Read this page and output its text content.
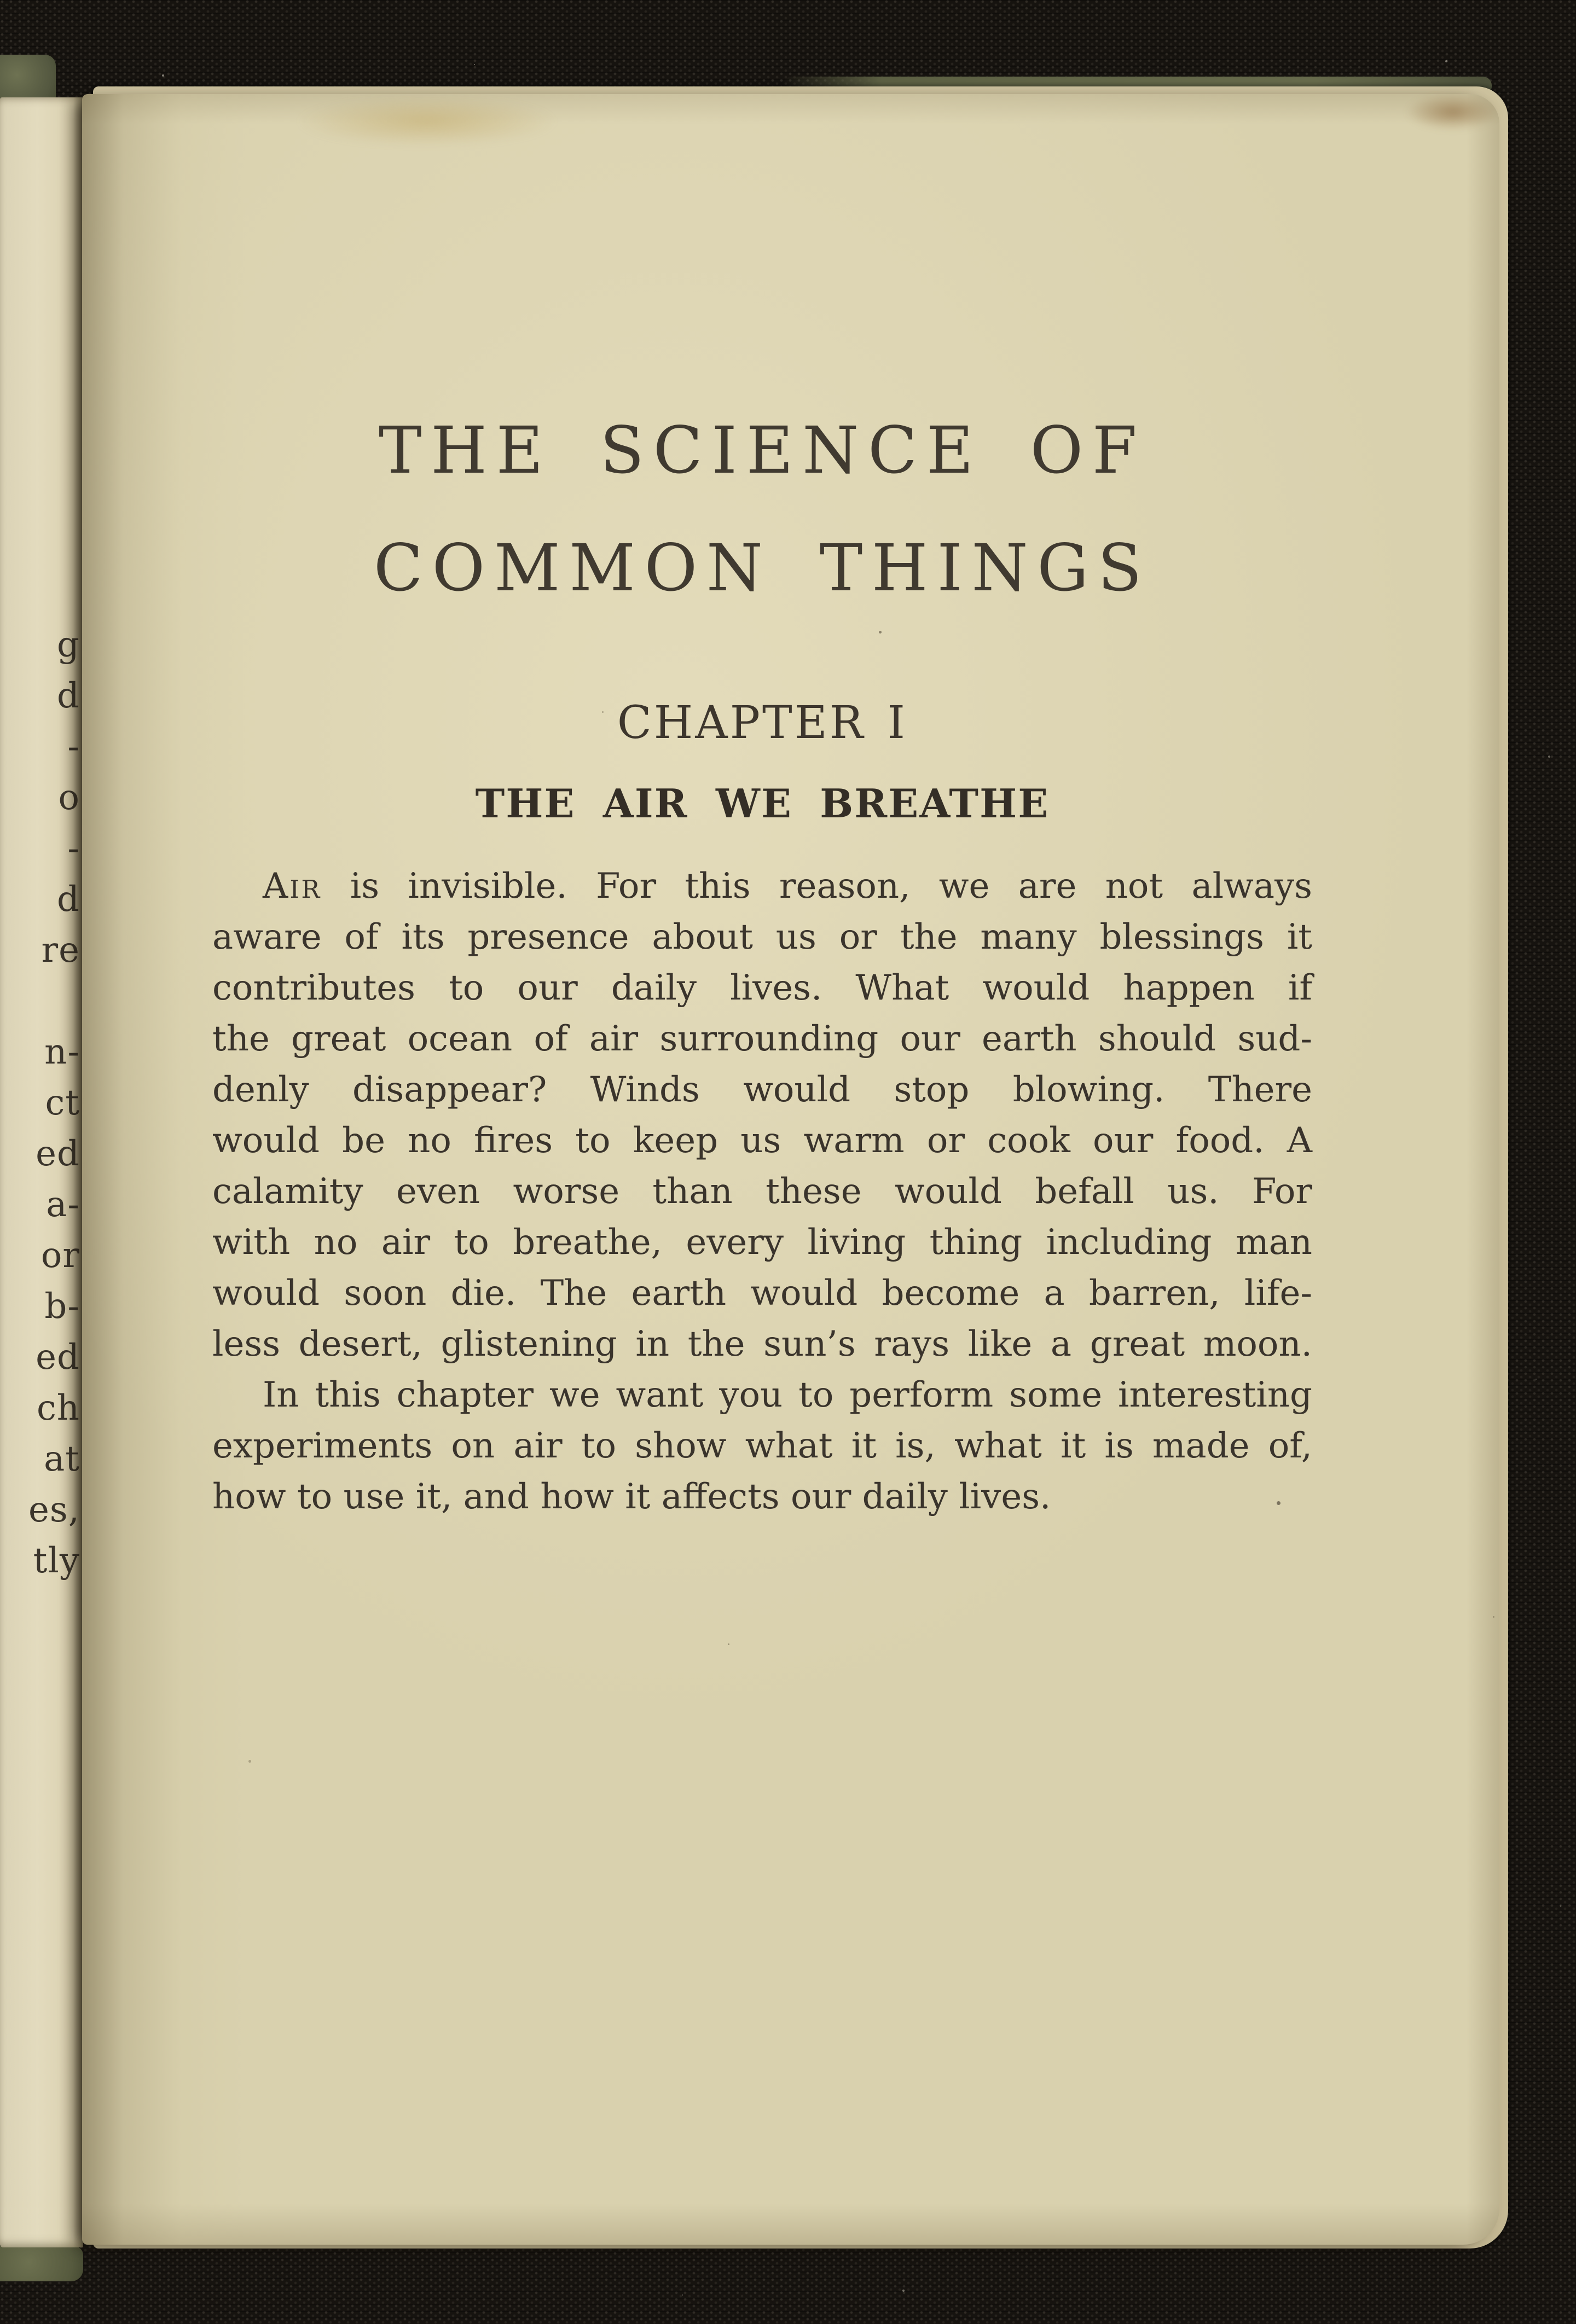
g
d
-
o
-
d
re
n-
ct
ed
a-
or
b-
ed
ch
at
es,
tly
THE SCIENCE OF
COMMON THINGS
CHAPTER I
THE AIR WE BREATHE
Air is invisible. For this reason, we are not always
aware of its presence about us or the many blessings it
contributes to our daily lives. What would happen if
the great ocean of air surrounding our earth should sud-
denly disappear? Winds would stop blowing. There
would be no fires to keep us warm or cook our food. A
calamity even worse than these would befall us. For
with no air to breathe, every living thing including man
would soon die. The earth would become a barren, life-
less desert, glistening in the sun’s rays like a great moon.
In this chapter we want you to perform some interesting
experiments on air to show what it is, what it is made of,
how to use it, and how it affects our daily lives.
